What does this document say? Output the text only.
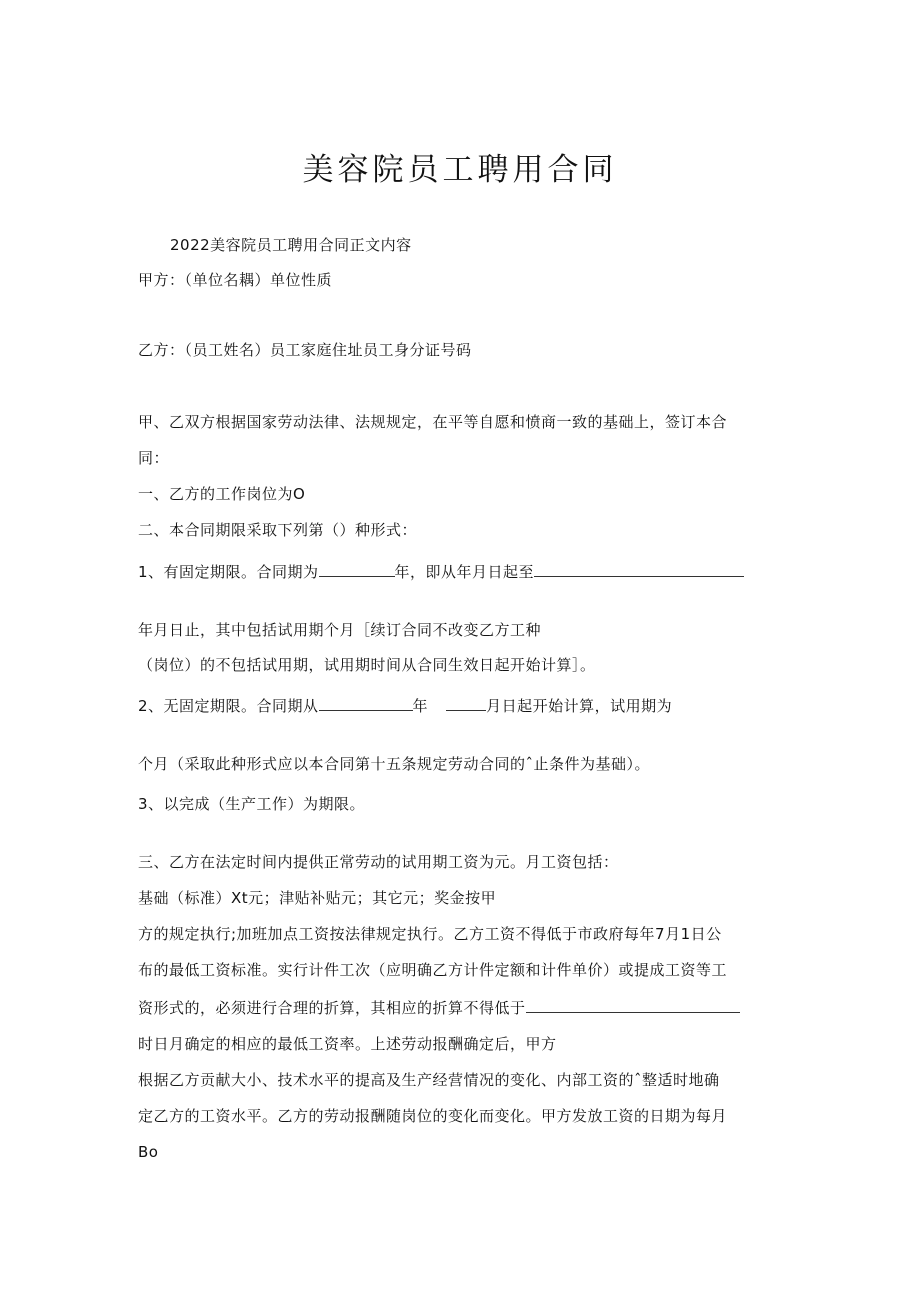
美容院员工聘用合同
2022美容院员工聘用合同正文内容
甲方：（单位名耦）单位性质
乙方：（员工姓名）员工家庭住址员工身分证号码
甲、乙双方根据国家劳动法律、法规规定，在平等自愿和愤商一致的基础上，签订本合
同：
一、乙方的工作岗位为O
二、本合同期限采取下列第（）种形式：
1、有固定期限。合同期为	年，即从年月日起至
年月日止，其中包括试用期个月［续订合同不改变乙方工种
（岗位）的不包括试用期，试用期时间从合同生效日起开始计算］。
2、无固定期限。合同期从	年	月日起开始计算，试用期为
个月（采取此种形式应以本合同第十五条规定劳动合同的ˆ止条件为基础）。
3、以完成（生产工作）为期限。
三、乙方在法定时间内提供正常劳动的试用期工资为元。月工资包括：
基础（标准）Xt元；津贴补贴元；其它元；奖金按甲
方的规定执行;加班加点工资按法律规定执行。乙方工资不得低于市政府每年7月1日公
布的最低工资标准。实行计件工次（应明确乙方计件定额和计件单价）或提成工资等工
资形式的，必须进行合理的折算，其相应的折算不得低于
时日月确定的相应的最低工资率。上述劳动报酬确定后，甲方
根据乙方贡献大小、技术水平的提高及生产经营情况的变化、内部工资的ˆ整适时地确
定乙方的工资水平。乙方的劳动报酬随岗位的变化而变化。甲方发放工资的日期为每月
Bo
